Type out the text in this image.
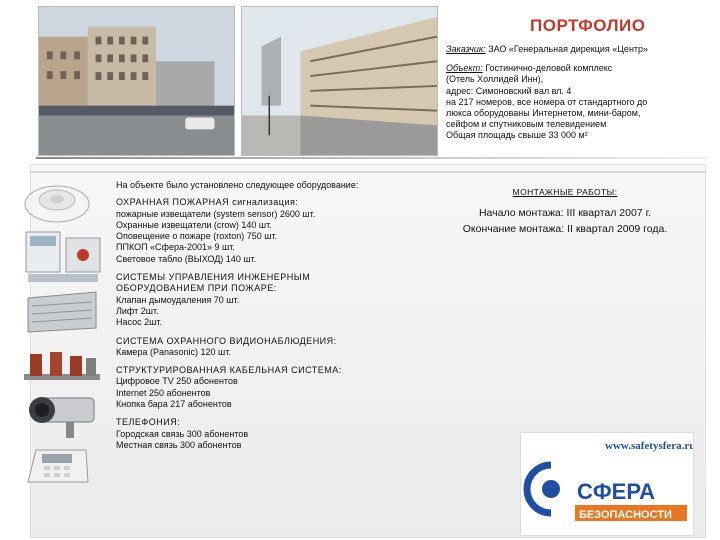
ПОРТФОЛИО
Заказчик: ЗАО «Генеральная дирекция «Центр»
Объект: Гостинично-деловой комплекс
(Отель Холлидей Инн),
адрес: Симоновский вал вл. 4
на 217 номеров, все номера от стандартного до
люкса оборудованы Интернетом, мини-баром,
сейфом и спутниковым телевидением
Общая площадь свыше 33 000 м²
На объекте было установлено следующее оборудование:
ОХРАННАЯ ПОЖАРНАЯ сигнализация:
пожарные извещатели (system sensor) 2600 шт.
Охранные извещатели (crow) 140 шт.
Оповещение о пожаре (roxton) 750 шт.
ППКОП «Сфера-2001» 9 шт.
Световое табло (ВЫХОД) 140 шт.
СИСТЕМЫ УПРАВЛЕНИЯ ИНЖЕНЕРНЫМ
ОБОРУДОВАНИЕМ ПРИ ПОЖАРЕ:
Клапан дымоудаления 70 шт.
Лифт 2шт.
Насос 2шт.
СИСТЕМА ОХРАННОГО ВИДИОНАБЛЮДЕНИЯ:
Камера (Panasonic) 120 шт.
СТРУКТУРИРОВАННАЯ КАБЕЛЬНАЯ СИСТЕМА:
Цифровое TV 250 абонентов
Internet 250 абонентов
Кнопка бара 217 абонентов
ТЕЛЕФОНИЯ:
Городская связь 300 абонентов
Местная связь 300 абонентов
МОНТАЖНЫЕ РАБОТЫ:
Начало монтажа: III квартал 2007 г.
Окончание монтажа: II квартал 2009 года.
www.safetysfera.ru
СФЕРА
БЕЗОПАСНОСТИ
